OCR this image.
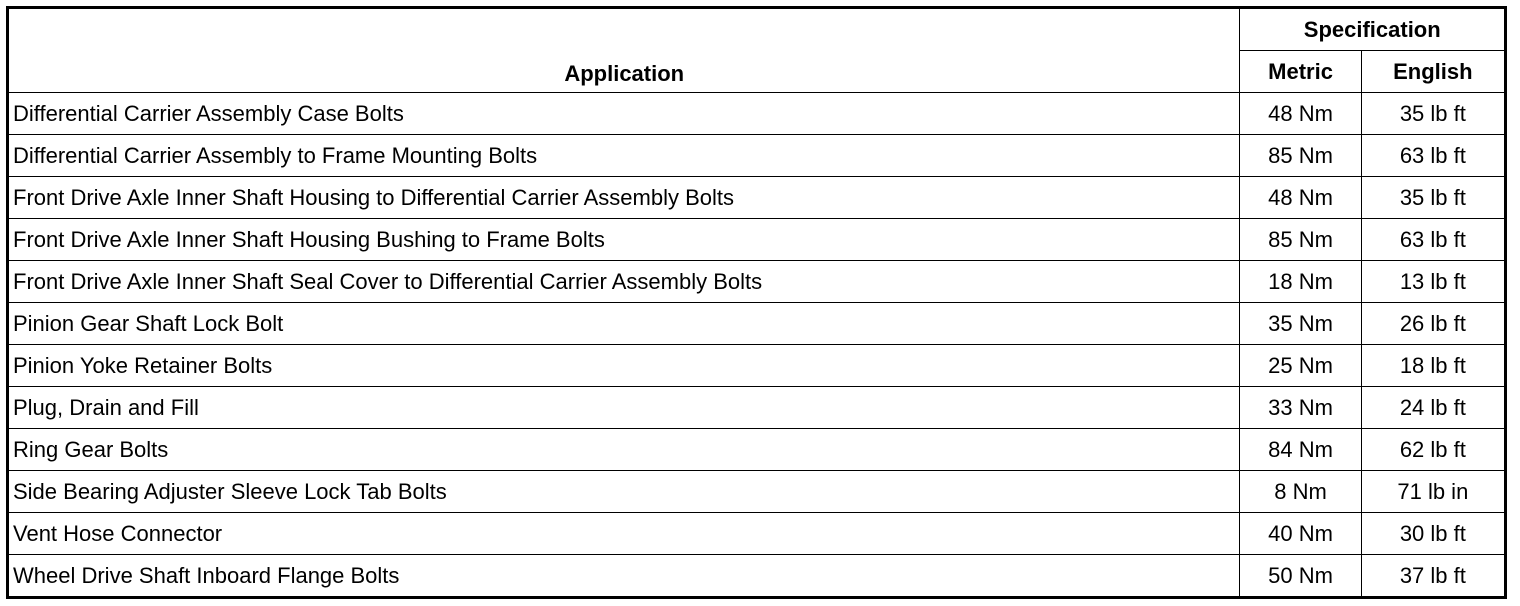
Application	Specification	
	Metric	English
Differential Carrier Assembly Case Bolts	48 Nm	35 lb ft
Differential Carrier Assembly to Frame Mounting Bolts	85 Nm	63 lb ft
Front Drive Axle Inner Shaft Housing to Differential Carrier Assembly Bolts	48 Nm	35 lb ft
Front Drive Axle Inner Shaft Housing Bushing to Frame Bolts	85 Nm	63 lb ft
Front Drive Axle Inner Shaft Seal Cover to Differential Carrier Assembly Bolts	18 Nm	13 lb ft
Pinion Gear Shaft Lock Bolt	35 Nm	26 lb ft
Pinion Yoke Retainer Bolts	25 Nm	18 lb ft
Plug, Drain and Fill	33 Nm	24 lb ft
Ring Gear Bolts	84 Nm	62 lb ft
Side Bearing Adjuster Sleeve Lock Tab Bolts	8 Nm	71 lb in
Vent Hose Connector	40 Nm	30 lb ft
Wheel Drive Shaft Inboard Flange Bolts	50 Nm	37 lb ft
